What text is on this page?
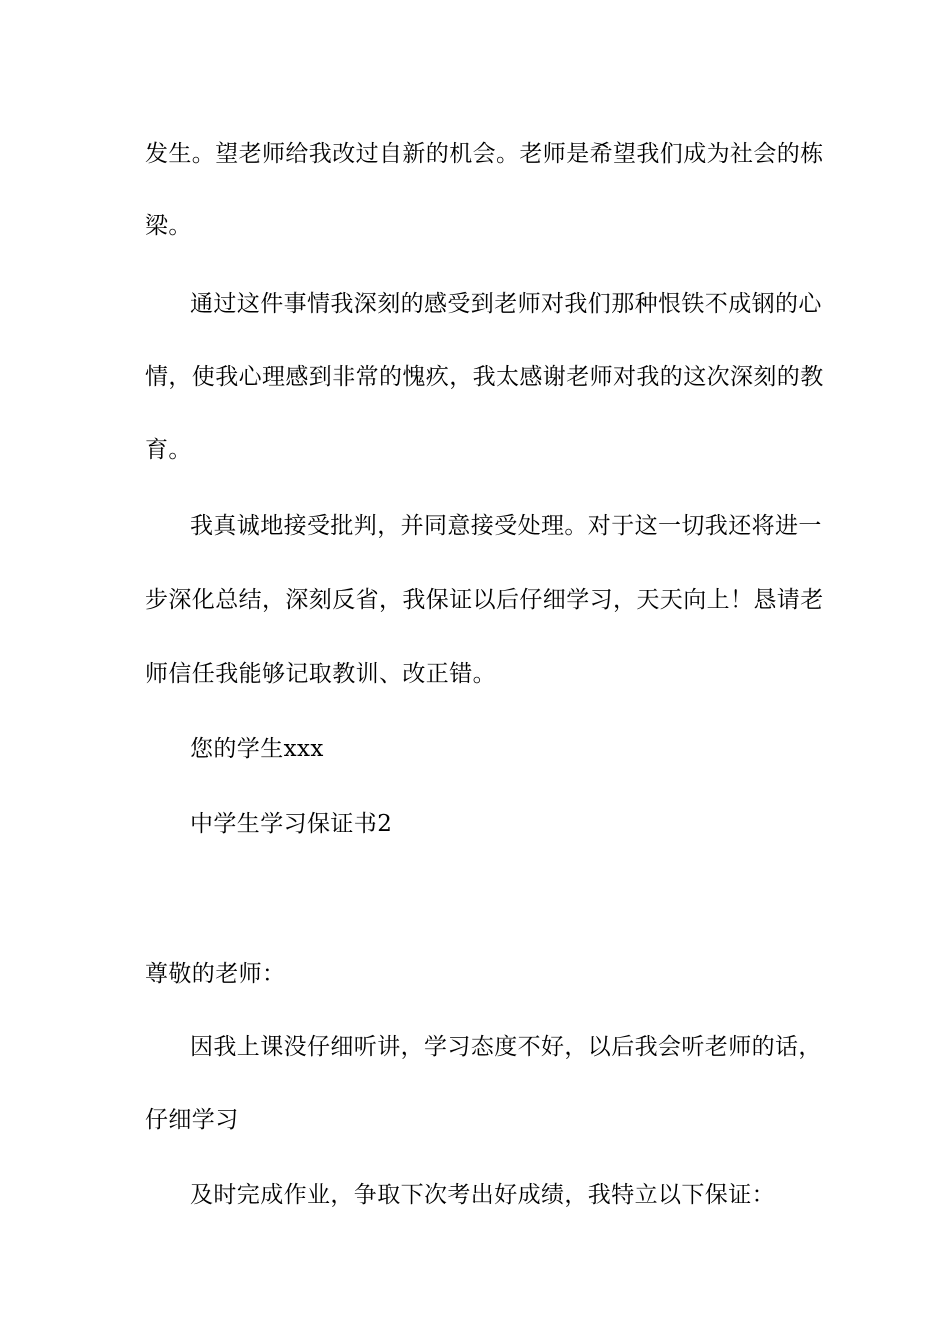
发生。望老师给我改过自新的机会。老师是希望我们成为社会的栋
梁。
通过这件事情我深刻的感受到老师对我们那种恨铁不成钢的心
情，使我心理感到非常的愧疚，我太感谢老师对我的这次深刻的教
育。
我真诚地接受批判，并同意接受处理。对于这一切我还将进一
步深化总结，深刻反省，我保证以后仔细学习，天天向上！恳请老
师信任我能够记取教训、改正错。
您的学生xxx
中学生学习保证书2
尊敬的老师：
因我上课没仔细听讲，学习态度不好，以后我会听老师的话，
仔细学习
及时完成作业，争取下次考出好成绩，我特立以下保证：
